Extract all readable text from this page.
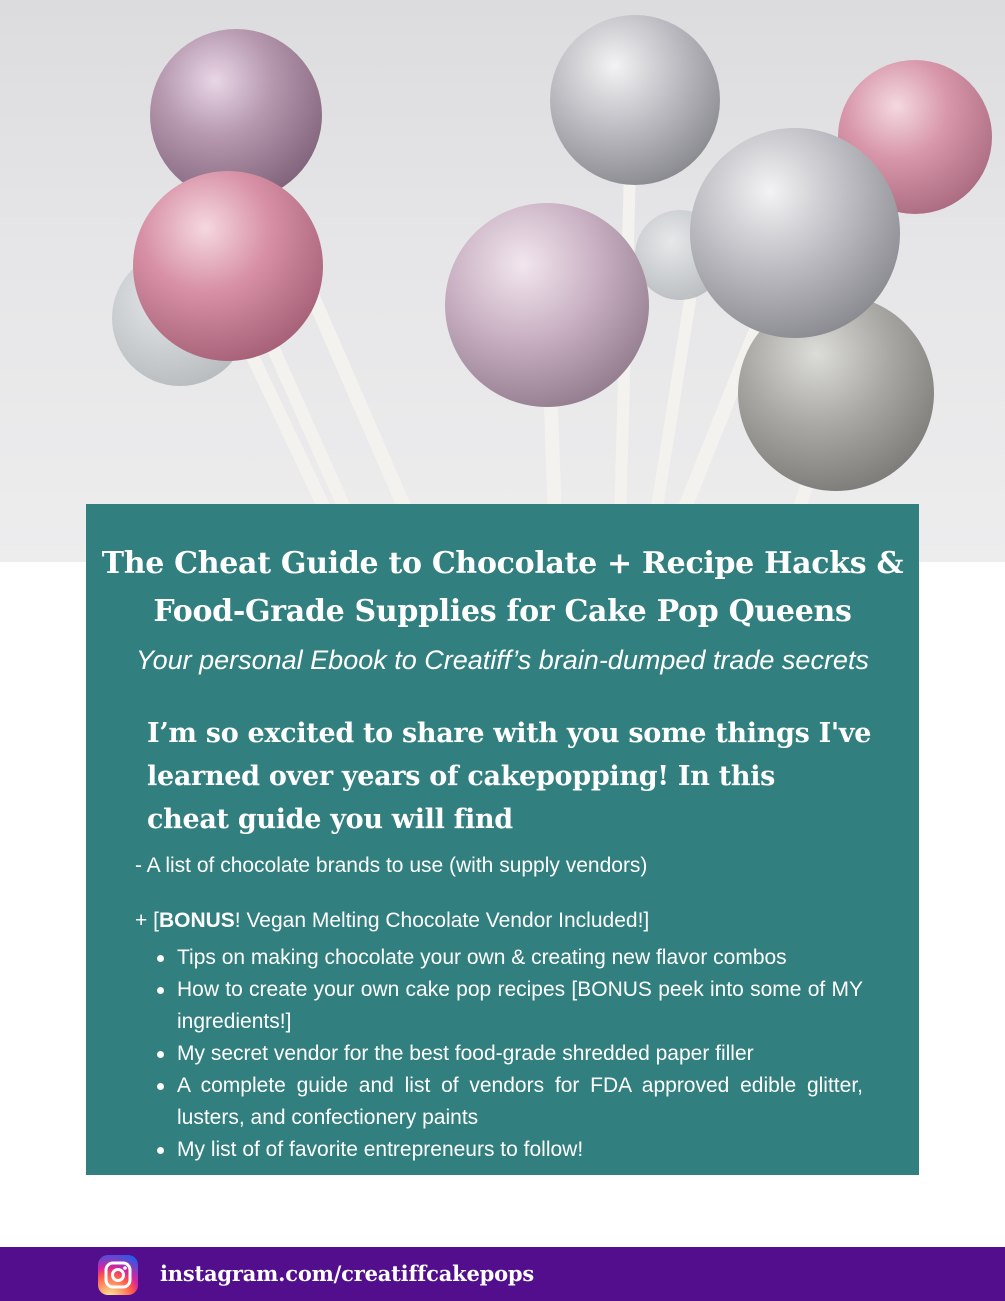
The Cheat Guide to Chocolate + Recipe Hacks &
Food-Grade Supplies for Cake Pop Queens

Your personal Ebook to Creatiff’s brain-dumped trade secrets

I’m so excited to share with you some things I've
learned over years of cakepopping! In this
cheat guide you will find

- A list of chocolate brands to use (with supply vendors)

+ [BONUS! Vegan Melting Chocolate Vendor Included!]

Tips on making chocolate your own & creating new flavor combos
How to create your own cake pop recipes [BONUS peek into some of MY ingredients!]
My secret vendor for the best food-grade shredded paper filler
A complete guide and list of vendors for FDA approved edible glitter, lusters, and confectionery paints
My list of of favorite entrepreneurs to follow!
instagram.com/creatiffcakepops
